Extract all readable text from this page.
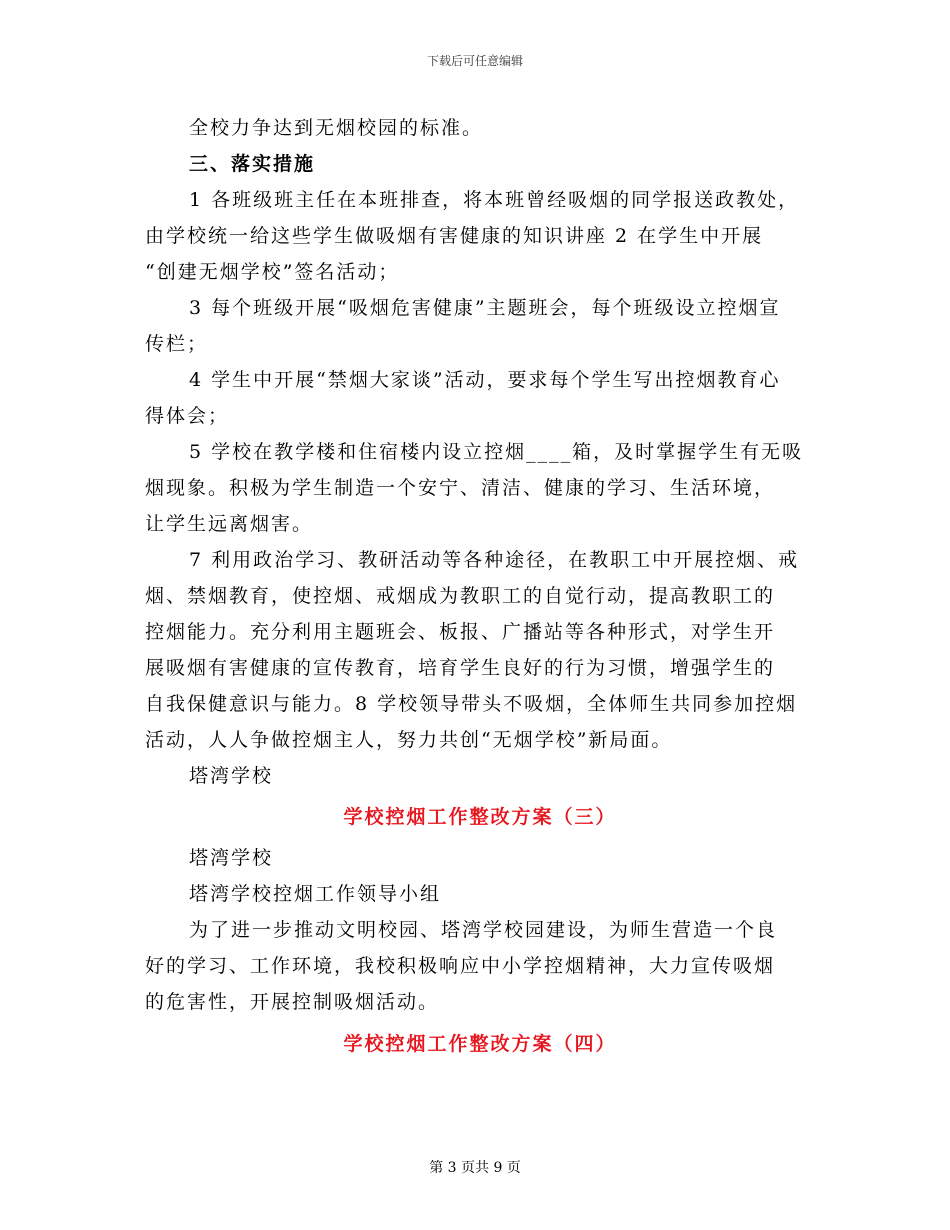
下载后可任意编辑

全校力争达到无烟校园的标准。

三、落实措施

1 各班级班主任在本班排查，将本班曾经吸烟的同学报送政教处，

由学校统一给这些学生做吸烟有害健康的知识讲座 2 在学生中开展

“创建无烟学校”签名活动；

3 每个班级开展“吸烟危害健康”主题班会，每个班级设立控烟宣

传栏；

4 学生中开展“禁烟大家谈”活动，要求每个学生写出控烟教育心

得体会；

5 学校在教学楼和住宿楼内设立控烟____箱，及时掌握学生有无吸

烟现象。积极为学生制造一个安宁、清洁、健康的学习、生活环境，

让学生远离烟害。

7 利用政治学习、教研活动等各种途径，在教职工中开展控烟、戒

烟、禁烟教育，使控烟、戒烟成为教职工的自觉行动，提高教职工的

控烟能力。充分利用主题班会、板报、广播站等各种形式，对学生开

展吸烟有害健康的宣传教育，培育学生良好的行为习惯，增强学生的

自我保健意识与能力。8 学校领导带头不吸烟，全体师生共同参加控烟

活动，人人争做控烟主人，努力共创“无烟学校”新局面。

塔湾学校

学校控烟工作整改方案（三）

塔湾学校

塔湾学校控烟工作领导小组

为了进一步推动文明校园、塔湾学校园建设，为师生营造一个良

好的学习、工作环境，我校积极响应中小学控烟精神，大力宣传吸烟

的危害性，开展控制吸烟活动。

学校控烟工作整改方案（四）

第 3 页共 9 页
